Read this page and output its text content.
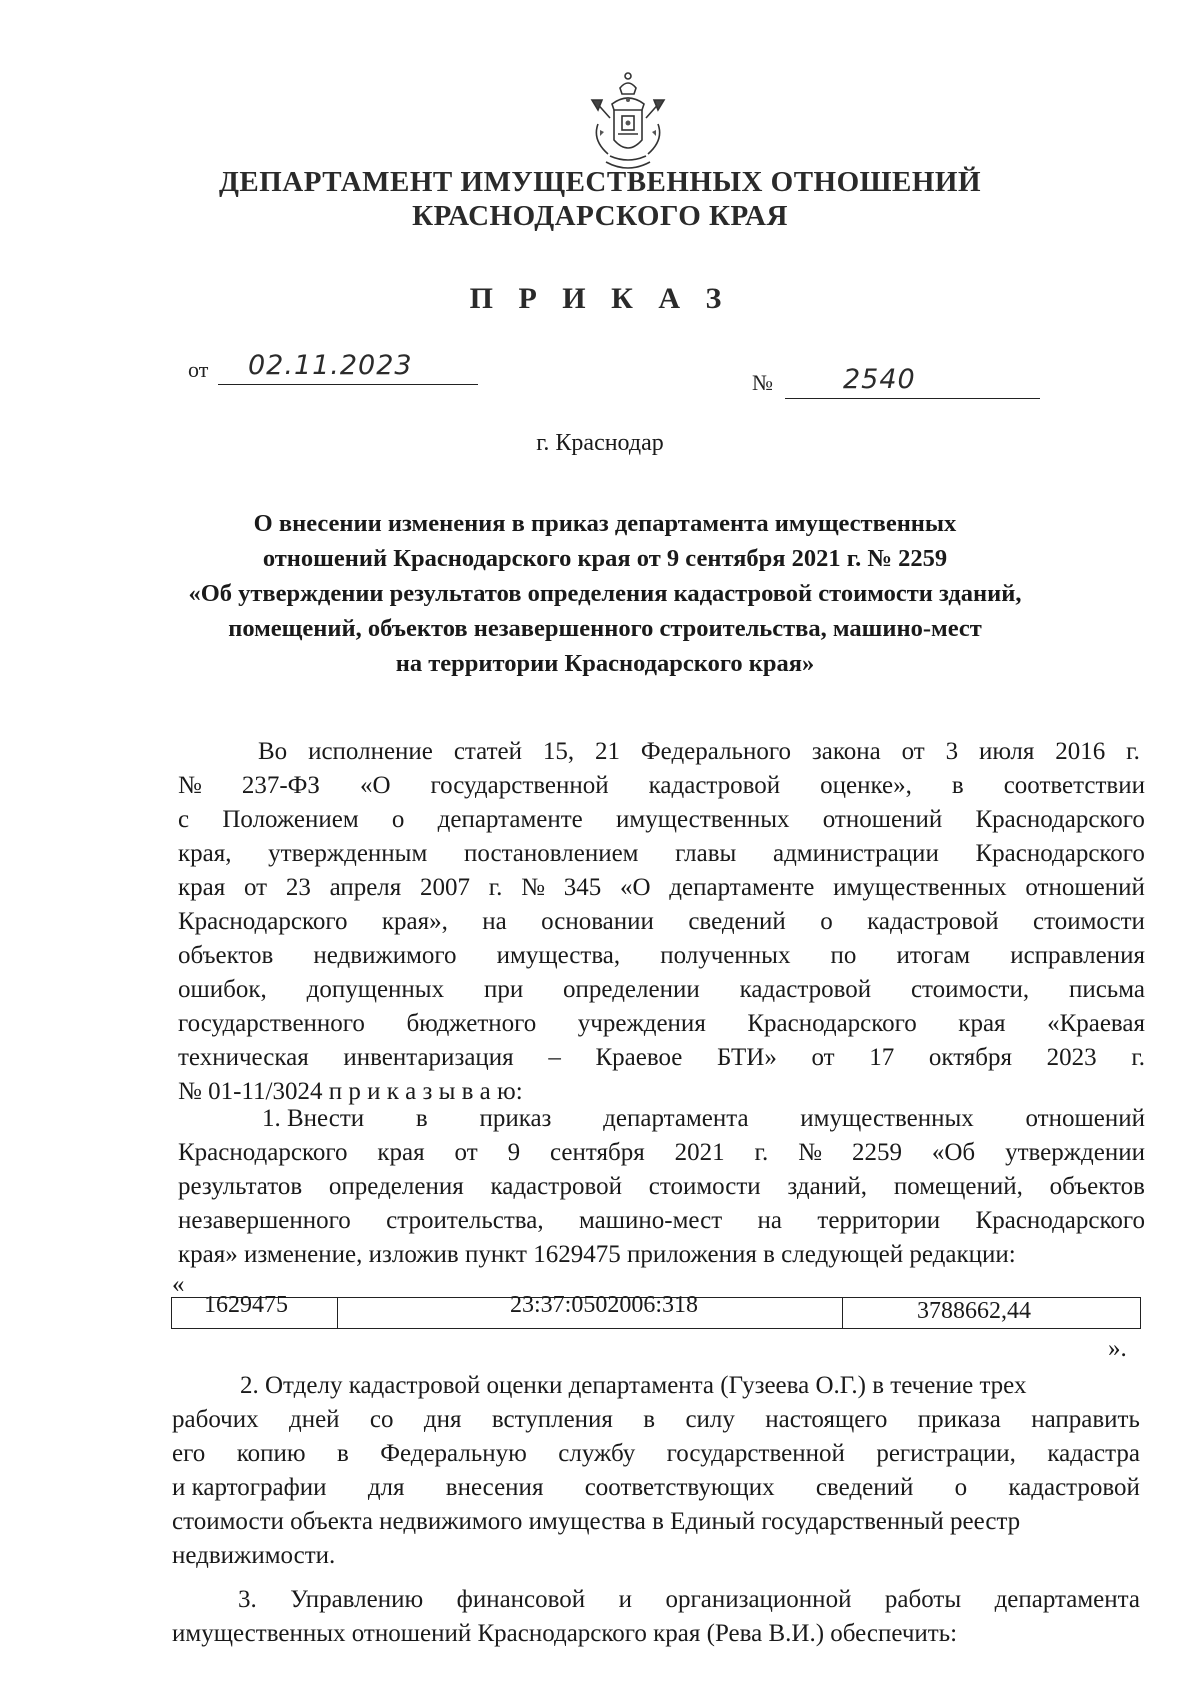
ДЕПАРТАМЕНТ ИМУЩЕСТВЕННЫХ ОТНОШЕНИЙ
КРАСНОДАРСКОГО КРАЯ
П Р И К А З
от 02.11.2023
№	2540
г. Краснодар
О внесении изменения в приказ департамента имущественных
отношений Краснодарского края от 9 сентября 2021 г. № 2259
«Об утверждении результатов определения кадастровой стоимости зданий,
помещений, объектов незавершенного строительства, машино-мест
на территории Краснодарского края»
Во исполнение статей 15, 21 Федерального закона от 3 июля 2016 г.
№ 237-ФЗ «О государственной кадастровой оценке», в соответствии
с Положением о департаменте имущественных отношений Краснодарского
края, утвержденным постановлением главы администрации Краснодарского
края от 23 апреля 2007 г. № 345 «О департаменте имущественных отношений
Краснодарского края», на основании сведений о кадастровой стоимости
объектов недвижимого имущества, полученных по итогам исправления
ошибок, допущенных при определении кадастровой стоимости, письма
государственного бюджетного учреждения Краснодарского края «Краевая
техническая инвентаризация – Краевое БТИ» от 17 октября 2023 г.
№ 01-11/3024 п р и к а з ы в а ю:
1. Внести в приказ департамента имущественных отношений
Краснодарского края от 9 сентября 2021 г. № 2259 «Об утверждении
результатов определения кадастровой стоимости зданий, помещений, объектов
незавершенного строительства, машино-мест на территории Краснодарского
края» изменение, изложив пункт 1629475 приложения в следующей редакции:
«
1629475	23:37:0502006:318	3788662,44
».
2. Отделу кадастровой оценки департамента (Гузеева О.Г.) в течение трех
рабочих дней со дня вступления в силу настоящего приказа направить
его копию в Федеральную службу государственной регистрации, кадастра
и картографии для внесения соответствующих сведений о кадастровой
стоимости объекта недвижимого имущества в Единый государственный реестр
недвижимости.
3. Управлению финансовой и организационной работы департамента
имущественных отношений Краснодарского края (Рева В.И.) обеспечить:
